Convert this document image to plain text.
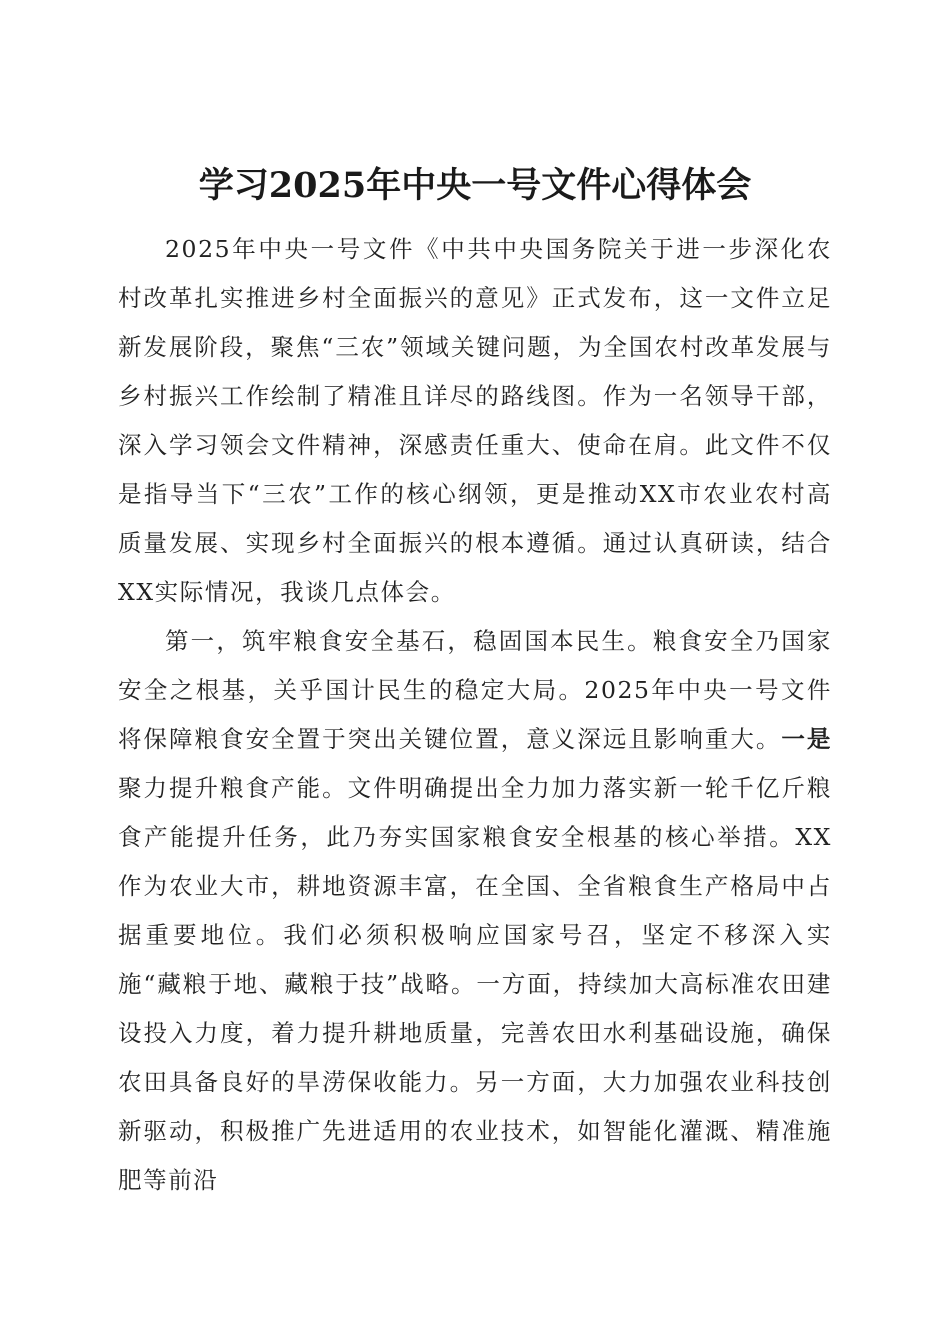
学习2025年中央一号文件心得体会

2025年中央一号文件《中共中央国务院关于进一步深化农村改革扎实推进乡村全面振兴的意见》正式发布，这一文件立足新发展阶段，聚焦“三农”领域关键问题，为全国农村改革发展与乡村振兴工作绘制了精准且详尽的路线图。作为一名领导干部，深入学习领会文件精神，深感责任重大、使命在肩。此文件不仅是指导当下“三农”工作的核心纲领，更是推动XX市农业农村高质量发展、实现乡村全面振兴的根本遵循。通过认真研读，结合XX实际情况，我谈几点体会。

第一，筑牢粮食安全基石，稳固国本民生。粮食安全乃国家安全之根基，关乎国计民生的稳定大局。2025年中央一号文件将保障粮食安全置于突出关键位置，意义深远且影响重大。一是聚力提升粮食产能。文件明确提出全力加力落实新一轮千亿斤粮食产能提升任务，此乃夯实国家粮食安全根基的核心举措。XX作为农业大市，耕地资源丰富，在全国、全省粮食生产格局中占据重要地位。我们必须积极响应国家号召，坚定不移深入实施“藏粮于地、藏粮于技”战略。一方面，持续加大高标准农田建设投入力度，着力提升耕地质量，完善农田水利基础设施，确保农田具备良好的旱涝保收能力。另一方面，大力加强农业科技创新驱动，积极推广先进适用的农业技术，如智能化灌溉、精准施肥等前沿
